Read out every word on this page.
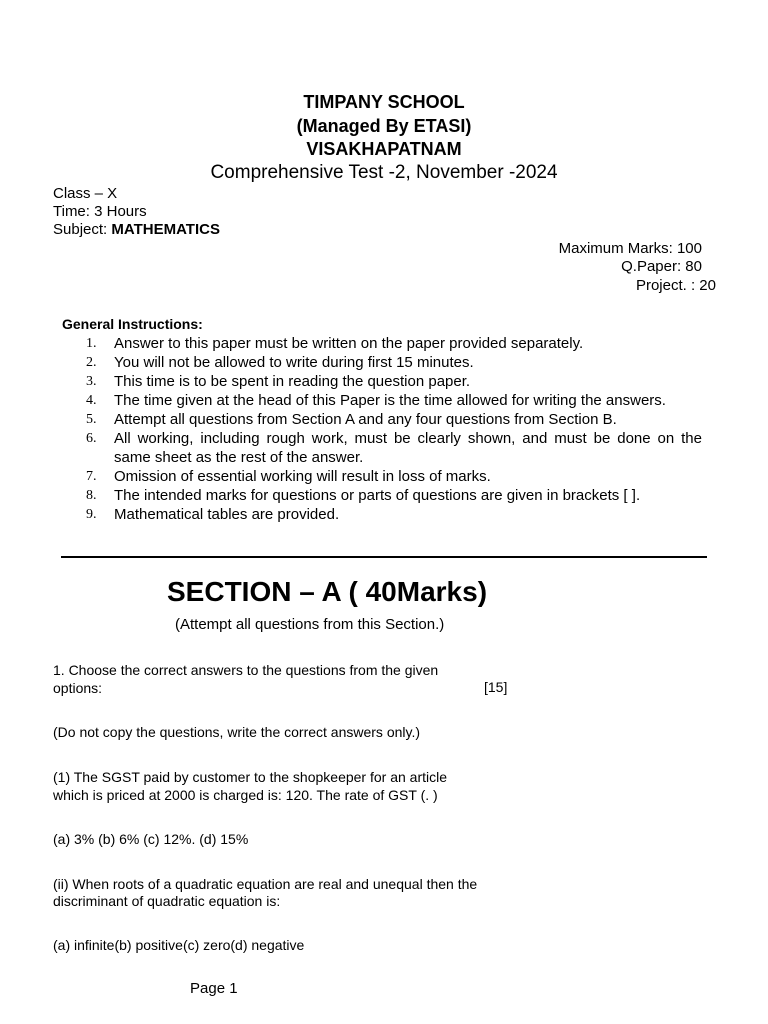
TIMPANY SCHOOL
(Managed By ETASI)
VISAKHAPATNAM
Comprehensive Test -2, November -2024
Class – X
Time: 3 Hours
Subject: MATHEMATICS
Maximum Marks: 100
Q.Paper: 80
Project. : 20
General Instructions:
1. Answer to this paper must be written on the paper provided separately.
2. You will not be allowed to write during first 15 minutes.
3. This time is to be spent in reading the question paper.
4. The time given at the head of this Paper is the time allowed for writing the answers.
5. Attempt all questions from Section A and any four questions from Section B.
6. All working, including rough work, must be clearly shown, and must be done on the same sheet as the rest of the answer.
7. Omission of essential working will result in loss of marks.
8. The intended marks for questions or parts of questions are given in brackets [ ].
9. Mathematical tables are provided.
SECTION – A ( 40Marks)
(Attempt all questions from this Section.)
1. Choose the correct answers to the questions from the given
options:	[15]
(Do not copy the questions, write the correct answers only.)
(1) The SGST paid by customer to the shopkeeper for an article
which is priced at 2000 is charged is: 120. The rate of GST (. )
(a) 3% (b) 6% (c) 12%. (d) 15%
(ii) When roots of a quadratic equation are real and unequal then the
discriminant of quadratic equation is:
(a) infinite(b) positive(c) zero(d) negative
Page 1
